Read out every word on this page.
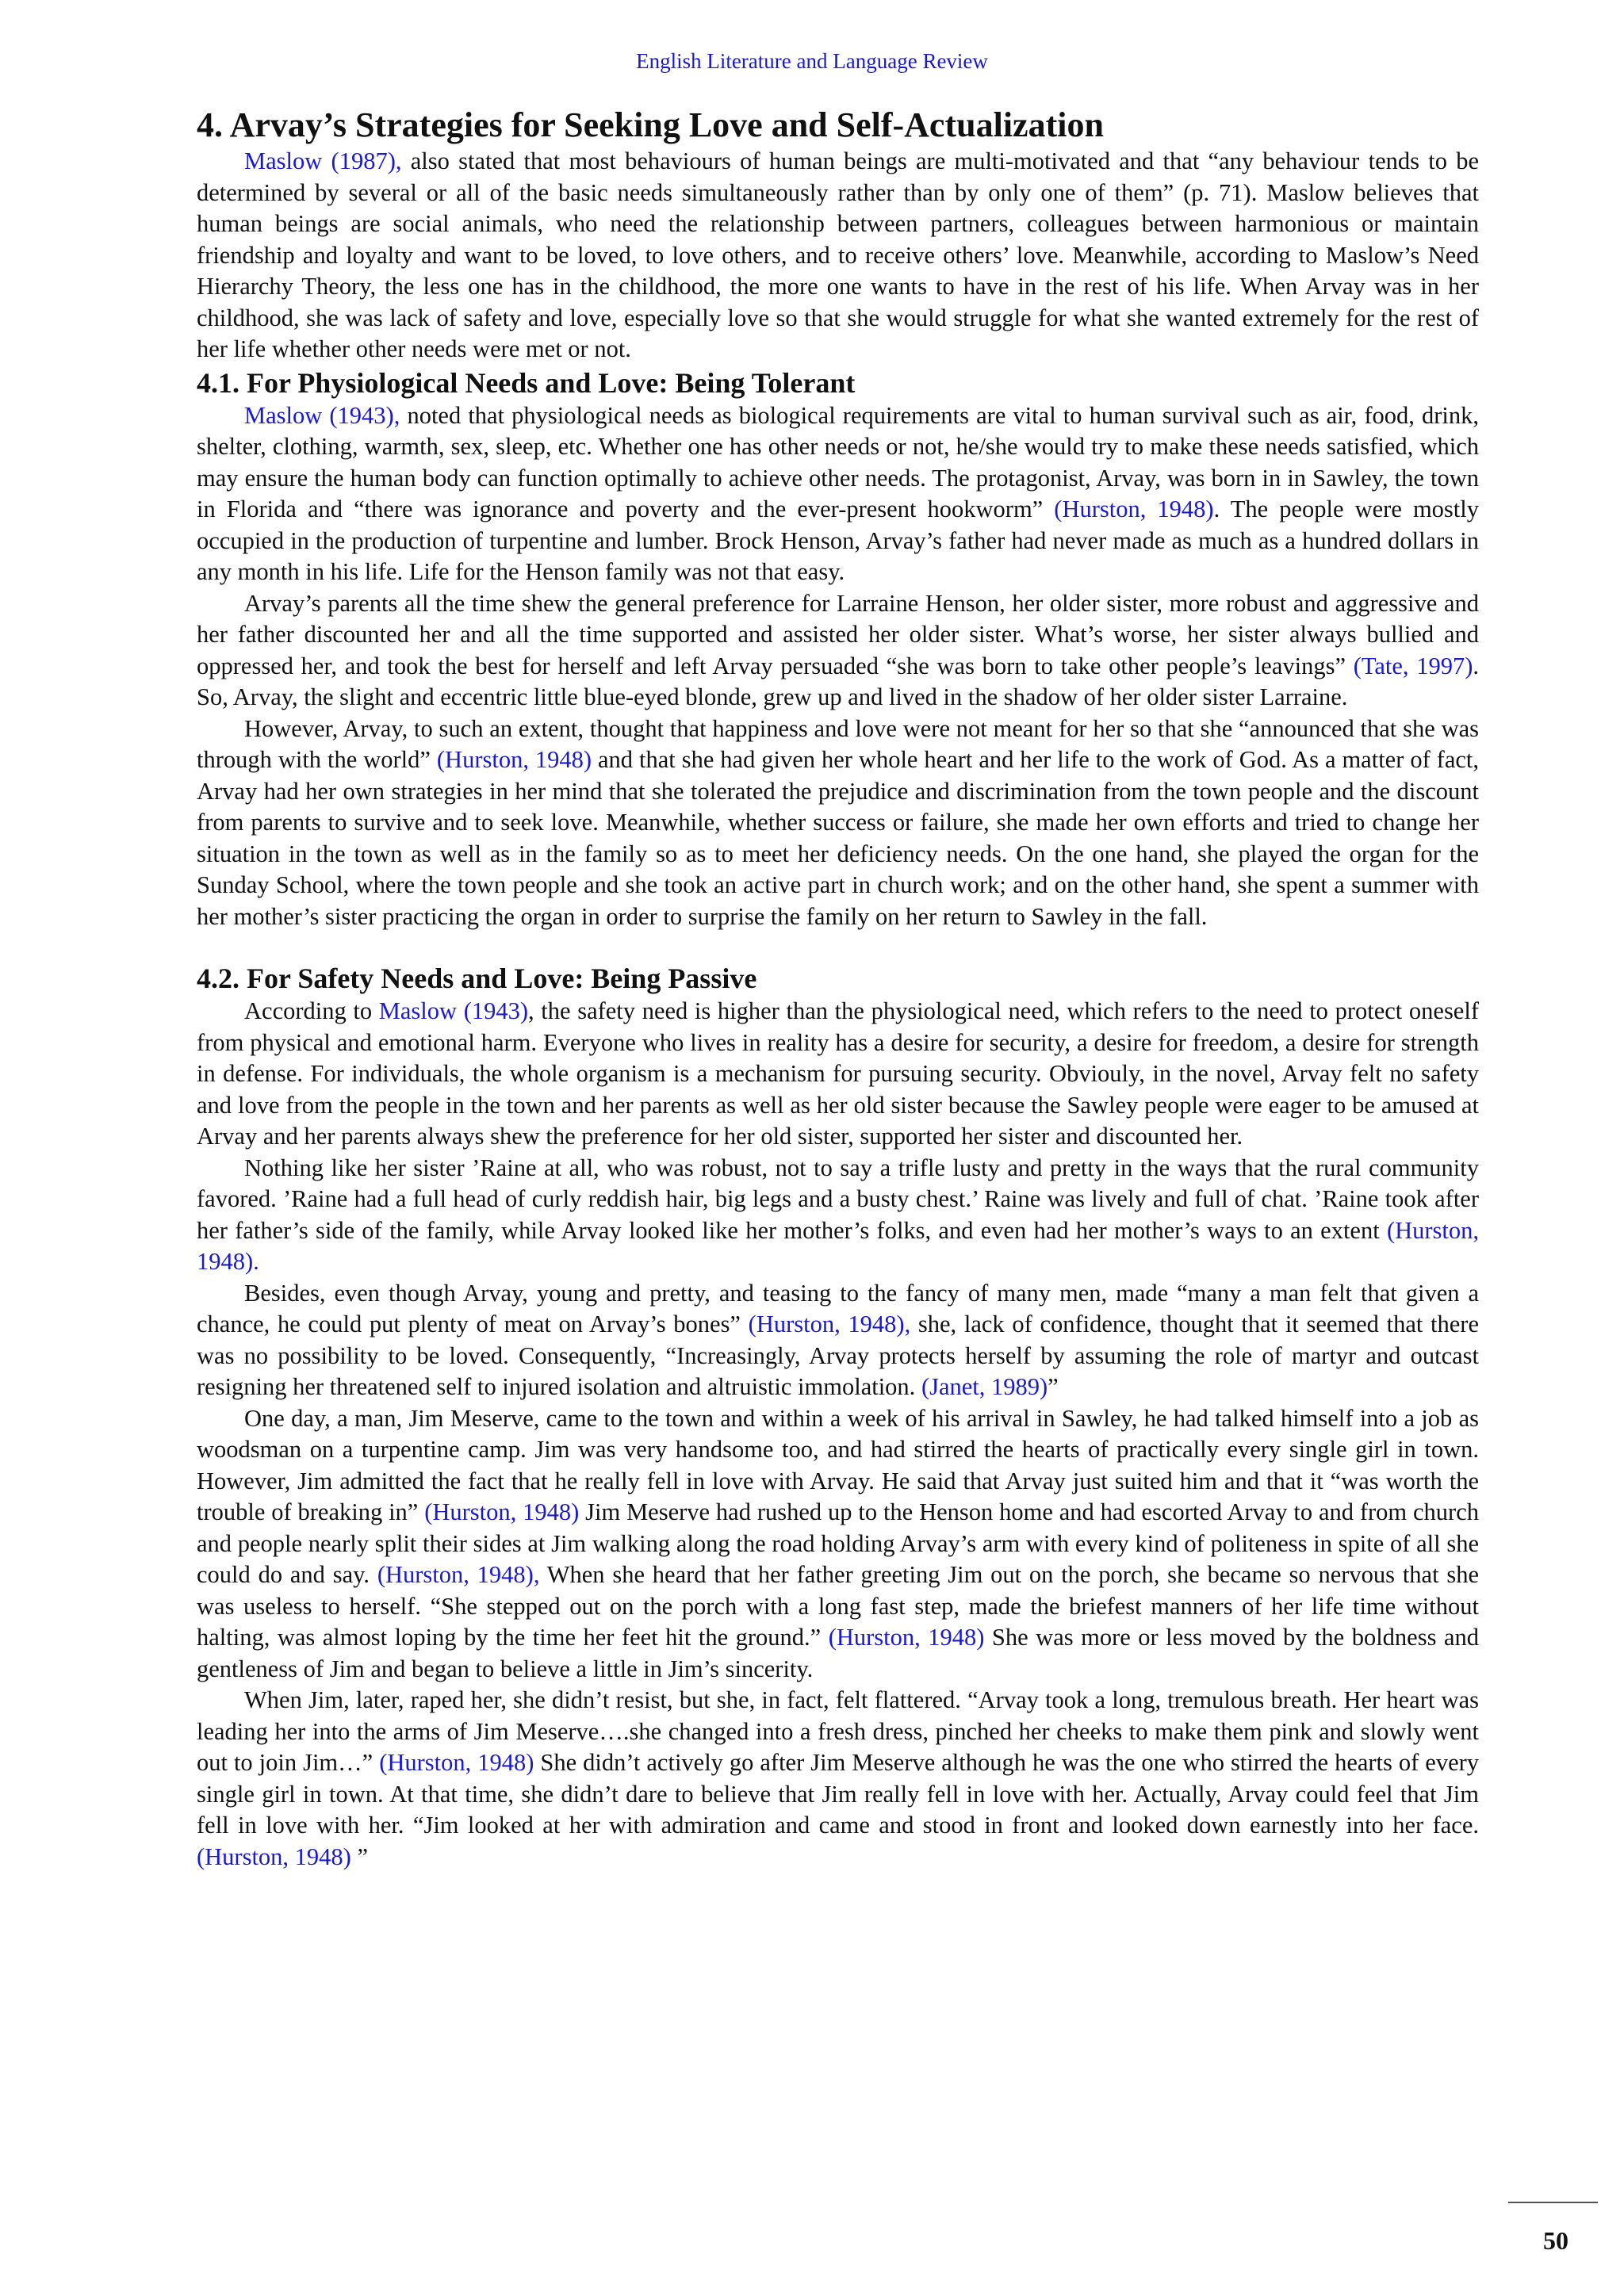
English Literature and Language Review
4. Arvay’s Strategies for Seeking Love and Self-Actualization

Maslow (1987), also stated that most behaviours of human beings are multi-motivated and that “any behaviour tends to be determined by several or all of the basic needs simultaneously rather than by only one of them” (p. 71). Maslow believes that human beings are social animals, who need the relationship between partners, colleagues between harmonious or maintain friendship and loyalty and want to be loved, to love others, and to receive others’ love. Meanwhile, according to Maslow’s Need Hierarchy Theory, the less one has in the childhood, the more one wants to have in the rest of his life. When Arvay was in her childhood, she was lack of safety and love, especially love so that she would struggle for what she wanted extremely for the rest of her life whether other needs were met or not.

4.1. For Physiological Needs and Love: Being Tolerant

Maslow (1943), noted that physiological needs as biological requirements are vital to human survival such as air, food, drink, shelter, clothing, warmth, sex, sleep, etc. Whether one has other needs or not, he/she would try to make these needs satisfied, which may ensure the human body can function optimally to achieve other needs. The protagonist, Arvay, was born in in Sawley, the town in Florida and “there was ignorance and poverty and the ever-present hookworm” (Hurston, 1948). The people were mostly occupied in the production of turpentine and lumber. Brock Henson, Arvay’s father had never made as much as a hundred dollars in any month in his life. Life for the Henson family was not that easy.

Arvay’s parents all the time shew the general preference for Larraine Henson, her older sister, more robust and aggressive and her father discounted her and all the time supported and assisted her older sister. What’s worse, her sister always bullied and oppressed her, and took the best for herself and left Arvay persuaded “she was born to take other people’s leavings” (Tate, 1997). So, Arvay, the slight and eccentric little blue-eyed blonde, grew up and lived in the shadow of her older sister Larraine.

However, Arvay, to such an extent, thought that happiness and love were not meant for her so that she “announced that she was through with the world” (Hurston, 1948) and that she had given her whole heart and her life to the work of God. As a matter of fact, Arvay had her own strategies in her mind that she tolerated the prejudice and discrimination from the town people and the discount from parents to survive and to seek love. Meanwhile, whether success or failure, she made her own efforts and tried to change her situation in the town as well as in the family so as to meet her deficiency needs. On the one hand, she played the organ for the Sunday School, where the town people and she took an active part in church work; and on the other hand, she spent a summer with her mother’s sister practicing the organ in order to surprise the family on her return to Sawley in the fall.

4.2. For Safety Needs and Love: Being Passive

According to Maslow (1943), the safety need is higher than the physiological need, which refers to the need to protect oneself from physical and emotional harm. Everyone who lives in reality has a desire for security, a desire for freedom, a desire for strength in defense. For individuals, the whole organism is a mechanism for pursuing security. Obviouly, in the novel, Arvay felt no safety and love from the people in the town and her parents as well as her old sister because the Sawley people were eager to be amused at Arvay and her parents always shew the preference for her old sister, supported her sister and discounted her.

Nothing like her sister ’Raine at all, who was robust, not to say a trifle lusty and pretty in the ways that the rural community favored. ’Raine had a full head of curly reddish hair, big legs and a busty chest.’ Raine was lively and full of chat. ’Raine took after her father’s side of the family, while Arvay looked like her mother’s folks, and even had her mother’s ways to an extent (Hurston, 1948).

Besides, even though Arvay, young and pretty, and teasing to the fancy of many men, made “many a man felt that given a chance, he could put plenty of meat on Arvay’s bones” (Hurston, 1948), she, lack of confidence, thought that it seemed that there was no possibility to be loved. Consequently, “Increasingly, Arvay protects herself by assuming the role of martyr and outcast resigning her threatened self to injured isolation and altruistic immolation. (Janet, 1989)”

One day, a man, Jim Meserve, came to the town and within a week of his arrival in Sawley, he had talked himself into a job as woodsman on a turpentine camp. Jim was very handsome too, and had stirred the hearts of practically every single girl in town. However, Jim admitted the fact that he really fell in love with Arvay. He said that Arvay just suited him and that it “was worth the trouble of breaking in” (Hurston, 1948) Jim Meserve had rushed up to the Henson home and had escorted Arvay to and from church and people nearly split their sides at Jim walking along the road holding Arvay’s arm with every kind of politeness in spite of all she could do and say. (Hurston, 1948), When she heard that her father greeting Jim out on the porch, she became so nervous that she was useless to herself. “She stepped out on the porch with a long fast step, made the briefest manners of her life time without halting, was almost loping by the time her feet hit the ground.” (Hurston, 1948) She was more or less moved by the boldness and gentleness of Jim and began to believe a little in Jim’s sincerity.

When Jim, later, raped her, she didn’t resist, but she, in fact, felt flattered. “Arvay took a long, tremulous breath. Her heart was leading her into the arms of Jim Meserve….she changed into a fresh dress, pinched her cheeks to make them pink and slowly went out to join Jim…” (Hurston, 1948) She didn’t actively go after Jim Meserve although he was the one who stirred the hearts of every single girl in town. At that time, she didn’t dare to believe that Jim really fell in love with her. Actually, Arvay could feel that Jim fell in love with her. “Jim looked at her with admiration and came and stood in front and looked down earnestly into her face. (Hurston, 1948) ”

50
